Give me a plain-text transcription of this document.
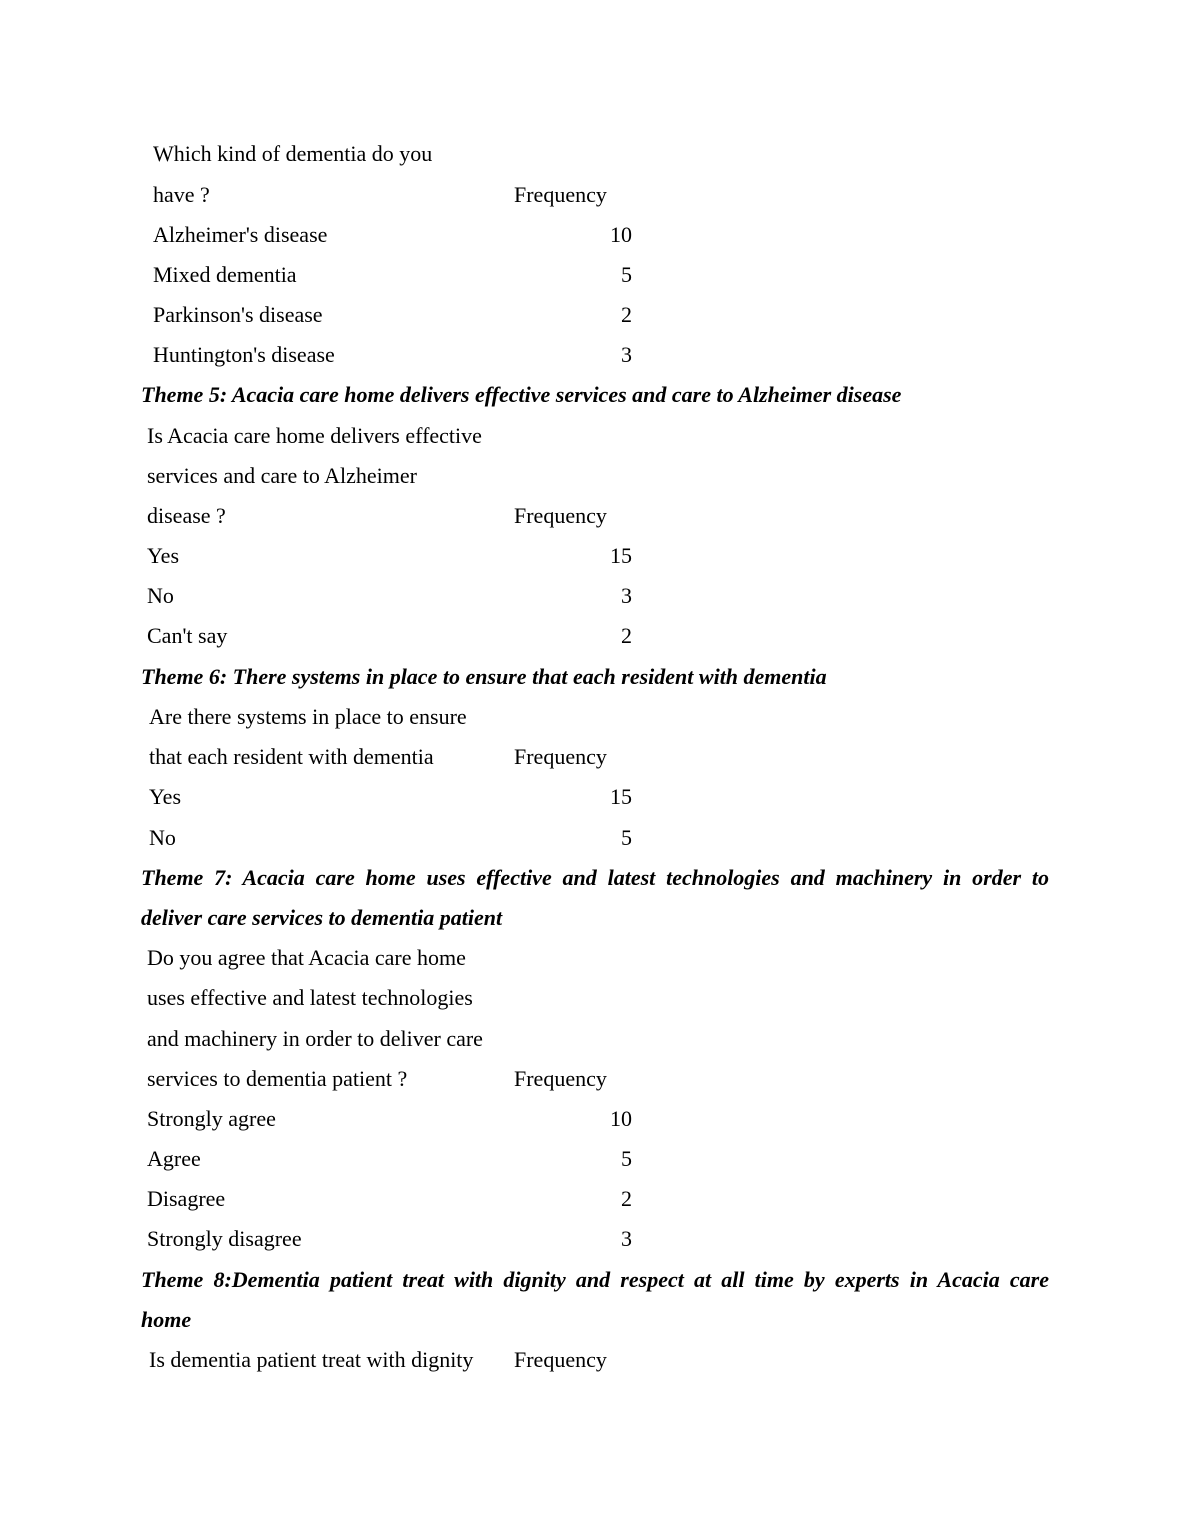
Which kind of dementia do you
have ?	Frequency
Alzheimer's disease	10
Mixed dementia	5
Parkinson's disease	2
Huntington's disease	3
Theme 5: Acacia care home delivers effective services and care to Alzheimer disease
Is Acacia care home delivers effective
services and care to Alzheimer
disease ?	Frequency
Yes	15
No	3
Can't say	2
Theme 6: There systems in place to ensure that each resident with dementia
Are there systems in place to ensure
that each resident with dementia	Frequency
Yes	15
No	5
Theme 7: Acacia care home uses effective and latest technologies and machinery in order to
deliver care services to dementia patient
Do you agree that Acacia care home
uses effective and latest technologies
and machinery in order to deliver care
services to dementia patient ?	Frequency
Strongly agree	10
Agree	5
Disagree	2
Strongly disagree	3
Theme 8:Dementia patient treat with dignity and respect at all time by experts in Acacia care
home
Is dementia patient treat with dignity Frequency
